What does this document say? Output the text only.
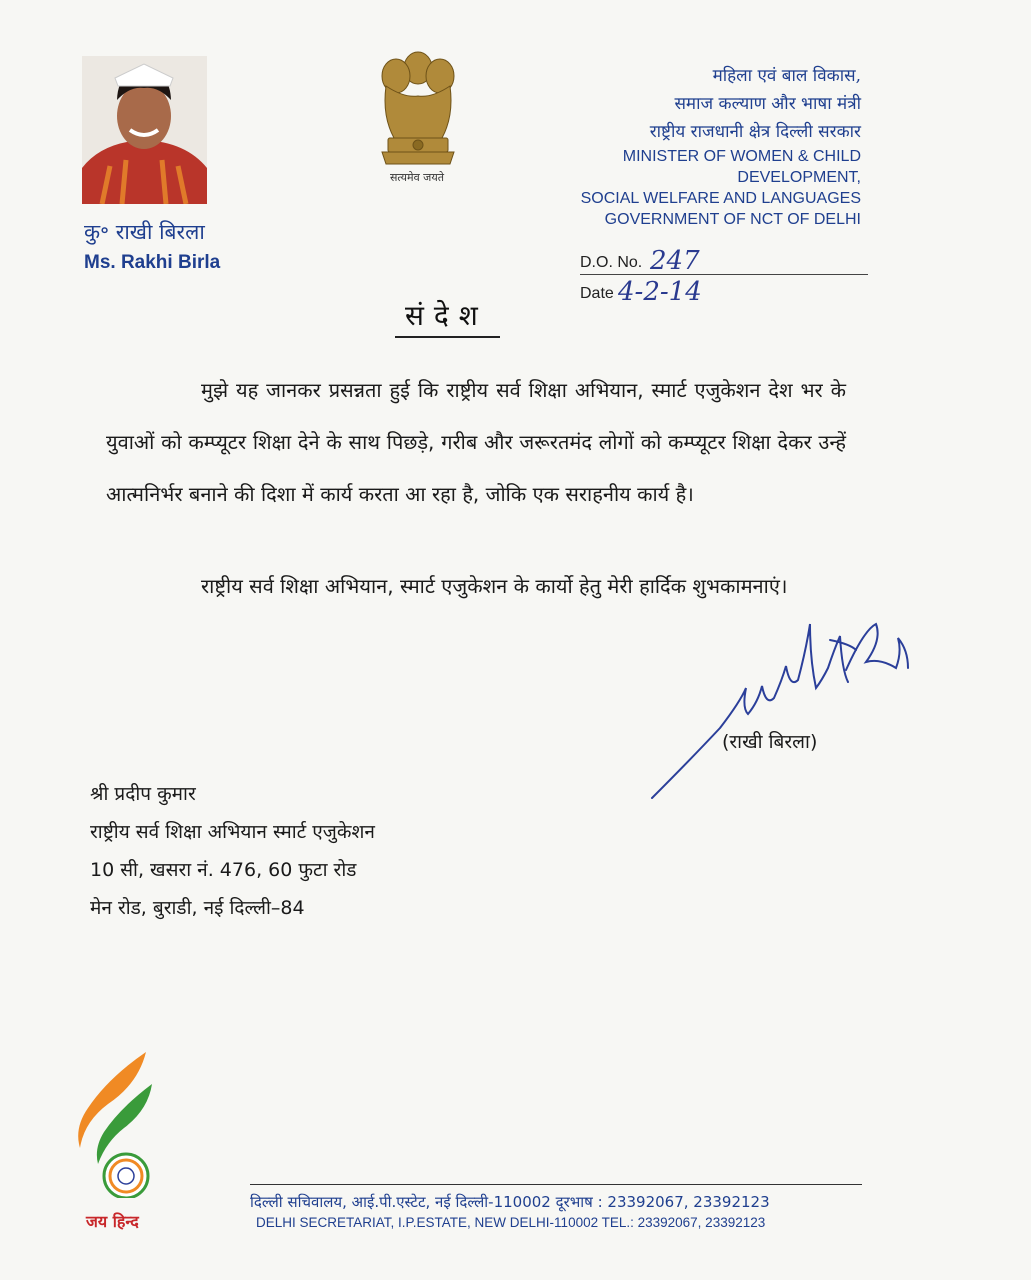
कु॰ राखी बिरला
Ms. Rakhi Birla
सत्यमेव जयते
महिला एवं बाल विकास,
समाज कल्याण और भाषा मंत्री
राष्ट्रीय राजधानी क्षेत्र दिल्ली सरकार
MINISTER OF WOMEN & CHILD
DEVELOPMENT,
SOCIAL WELFARE AND LANGUAGES
GOVERNMENT OF NCT OF DELHI
D.O. No. 247
Date 4-2-14
संदेश

मुझे यह जानकर प्रसन्नता हुई कि राष्ट्रीय सर्व शिक्षा अभियान, स्मार्ट एजुकेशन देश भर के युवाओं को कम्प्यूटर शिक्षा देने के साथ पिछड़े, गरीब और जरूरतमंद लोगों को कम्प्यूटर शिक्षा देकर उन्हें आत्मनिर्भर बनाने की दिशा में कार्य करता आ रहा है, जोकि एक सराहनीय कार्य है।

राष्ट्रीय सर्व शिक्षा अभियान, स्मार्ट एजुकेशन के कार्यो हेतु मेरी हार्दिक शुभकामनाएं।

(राखी बिरला)
श्री प्रदीप कुमार
राष्ट्रीय सर्व शिक्षा अभियान स्मार्ट एजुकेशन
10 सी, खसरा नं. 476, 60 फुटा रोड
मेन रोड, बुराडी, नई दिल्ली–84
जय हिन्द
दिल्ली सचिवालय, आई.पी.एस्टेट, नई दिल्ली-110002 दूरभाष : 23392067, 23392123
DELHI SECRETARIAT, I.P.ESTATE, NEW DELHI-110002 TEL.: 23392067, 23392123
